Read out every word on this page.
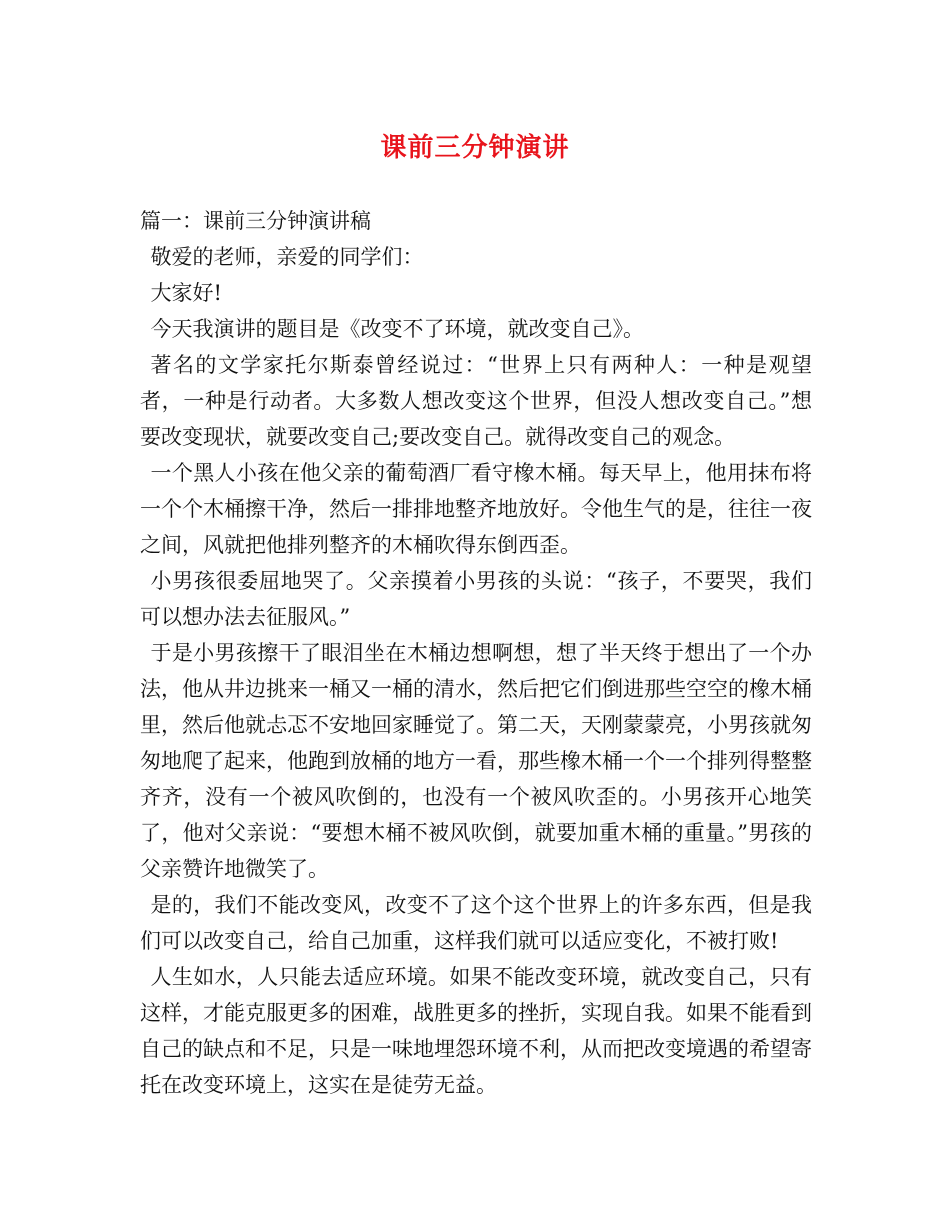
课前三分钟演讲

篇一：课前三分钟演讲稿

敬爱的老师，亲爱的同学们：

大家好!

今天我演讲的题目是《改变不了环境，就改变自己》。

著名的文学家托尔斯泰曾经说过：“世界上只有两种人：一种是观望者，一种是行动者。大多数人想改变这个世界，但没人想改变自己。”想要改变现状，就要改变自己;要改变自己。就得改变自己的观念。

一个黑人小孩在他父亲的葡萄酒厂看守橡木桶。每天早上，他用抹布将一个个木桶擦干净，然后一排排地整齐地放好。令他生气的是，往往一夜之间，风就把他排列整齐的木桶吹得东倒西歪。

小男孩很委屈地哭了。父亲摸着小男孩的头说：“孩子，不要哭，我们可以想办法去征服风。”

于是小男孩擦干了眼泪坐在木桶边想啊想，想了半天终于想出了一个办法，他从井边挑来一桶又一桶的清水，然后把它们倒进那些空空的橡木桶里，然后他就忐忑不安地回家睡觉了。第二天，天刚蒙蒙亮，小男孩就匆匆地爬了起来，他跑到放桶的地方一看，那些橡木桶一个一个排列得整整齐齐，没有一个被风吹倒的，也没有一个被风吹歪的。小男孩开心地笑了，他对父亲说：“要想木桶不被风吹倒，就要加重木桶的重量。”男孩的父亲赞许地微笑了。

是的，我们不能改变风，改变不了这个这个世界上的许多东西，但是我们可以改变自己，给自己加重，这样我们就可以适应变化，不被打败!

人生如水，人只能去适应环境。如果不能改变环境，就改变自己，只有这样，才能克服更多的困难，战胜更多的挫折，实现自我。如果不能看到自己的缺点和不足，只是一味地埋怨环境不利，从而把改变境遇的希望寄托在改变环境上，这实在是徒劳无益。
